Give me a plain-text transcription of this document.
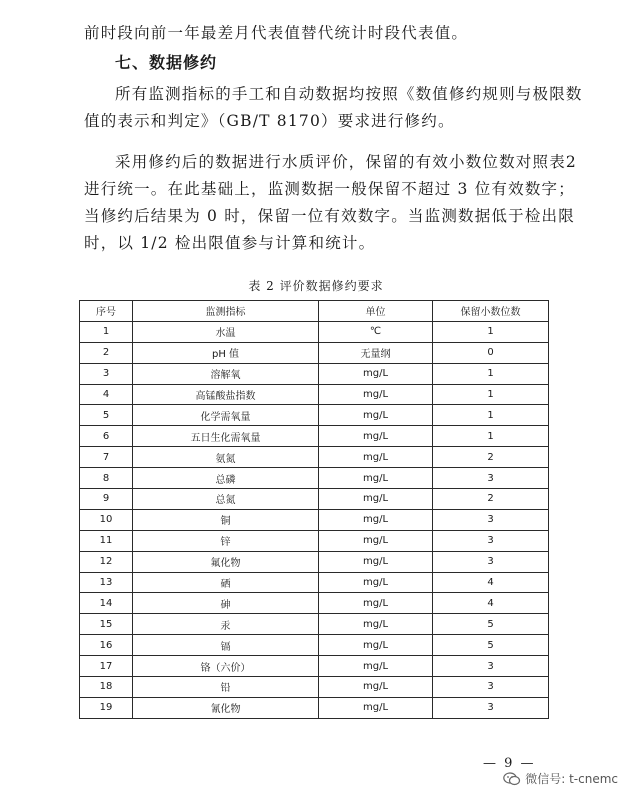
前时段向前一年最差月代表值替代统计时段代表值。

七、数据修约

所有监测指标的手工和自动数据均按照《数值修约规则与极限数值的表示和判定》（GB/T 8170）要求进行修约。

采用修约后的数据进行水质评价，保留的有效小数位数对照表2进行统一。在此基础上，监测数据一般保留不超过 3 位有效数字；当修约后结果为 0 时，保留一位有效数字。当监测数据低于检出限时，以 1/2 检出限值参与计算和统计。

表 2 评价数据修约要求
序号	监测指标	单位	保留小数位数
1	水温	℃	1
2	pH 值	无量纲	0
3	溶解氧	mg/L	1
4	高锰酸盐指数	mg/L	1
5	化学需氧量	mg/L	1
6	五日生化需氧量	mg/L	1
7	氨氮	mg/L	2
8	总磷	mg/L	3
9	总氮	mg/L	2
10	铜	mg/L	3
11	锌	mg/L	3
12	氟化物	mg/L	3
13	硒	mg/L	4
14	砷	mg/L	4
15	汞	mg/L	5
16	镉	mg/L	5
17	铬（六价）	mg/L	3
18	铅	mg/L	3
19	氰化物	mg/L	3
— 9 —
微信号: t-cnemc
